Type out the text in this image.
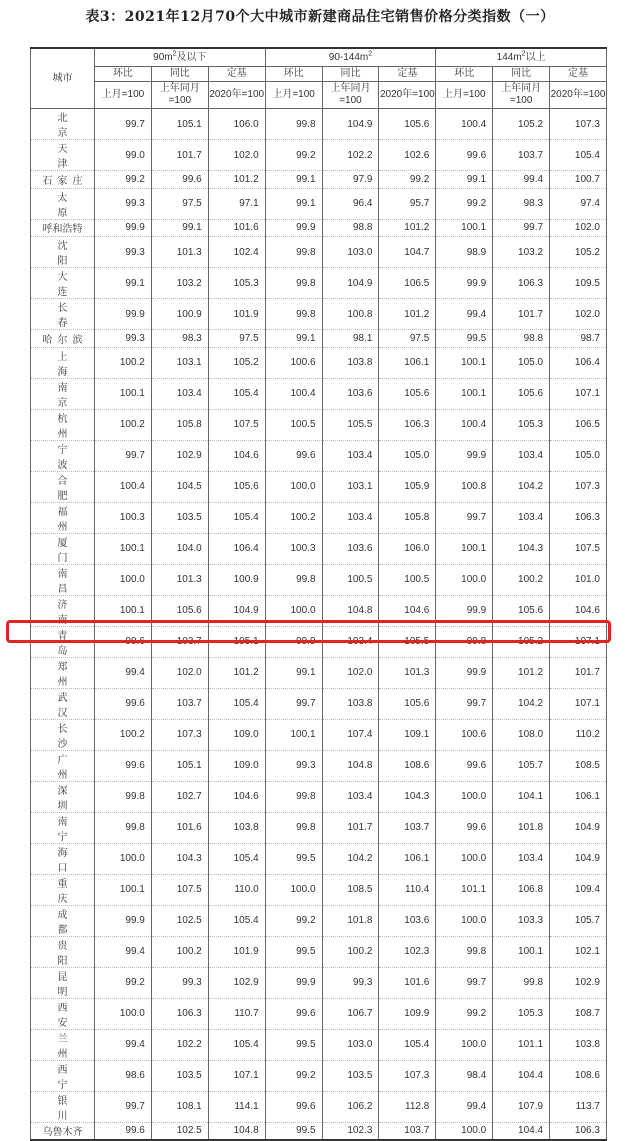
表3：2021年12月70个大中城市新建商品住宅销售价格分类指数（一）
城市	$90m^2$及以下			$90-144m^2$			$144m^2$以上		
	环比	同比	定基	环比	同比	定基	环比	同比	定基
	上月=100	上年同月=100	2020年=100	上月=100	上年同月=100	2020年=100	上月=100	上年同月=100	2020年=100
北京	99.7	105.1	106.0	99.8	104.9	105.6	100.4	105.2	107.3
天津	99.0	101.7	102.0	99.2	102.2	102.6	99.6	103.7	105.4
石家庄	99.2	99.6	101.2	99.1	97.9	99.2	99.1	99.4	100.7
太原	99.3	97.5	97.1	99.1	96.4	95.7	99.2	98.3	97.4
呼和浩特	99.9	99.1	101.6	99.9	98.8	101.2	100.1	99.7	102.0
沈阳	99.3	101.3	102.4	99.8	103.0	104.7	98.9	103.2	105.2
大连	99.1	103.2	105.3	99.8	104.9	106.5	99.9	106.3	109.5
长春	99.9	100.9	101.9	99.8	100.8	101.2	99.4	101.7	102.0
哈尔滨	99.3	98.3	97.5	99.1	98.1	97.5	99.5	98.8	98.7
上海	100.2	103.1	105.2	100.6	103.8	106.1	100.1	105.0	106.4
南京	100.1	103.4	105.4	100.4	103.6	105.6	100.1	105.6	107.1
杭州	100.2	105.8	107.5	100.5	105.5	106.3	100.4	105.3	106.5
宁波	99.7	102.9	104.6	99.6	103.4	105.0	99.9	103.4	105.0
合肥	100.4	104.5	105.6	100.0	103.1	105.9	100.8	104.2	107.3
福州	100.3	103.5	105.4	100.2	103.4	105.8	99.7	103.4	106.3
厦门	100.1	104.0	106.4	100.3	103.6	106.0	100.1	104.3	107.5
南昌	100.0	101.3	100.9	99.8	100.5	100.5	100.0	100.2	101.0
济南	100.1	105.6	104.9	100.0	104.8	104.6	99.9	105.6	104.6
青岛	99.6	103.7	105.1	99.9	103.4	105.5	99.8	105.2	107.1
郑州	99.4	102.0	101.2	99.1	102.0	101.3	99.9	101.2	101.7
武汉	99.6	103.7	105.4	99.7	103.8	105.6	99.7	104.2	107.1
长沙	100.2	107.3	109.0	100.1	107.4	109.1	100.6	108.0	110.2
广州	99.6	105.1	109.0	99.3	104.8	108.6	99.6	105.7	108.5
深圳	99.8	102.7	104.6	99.8	103.4	104.3	100.0	104.1	106.1
南宁	99.8	101.6	103.8	99.8	101.7	103.7	99.6	101.8	104.9
海口	100.0	104.3	105.4	99.5	104.2	106.1	100.0	103.4	104.9
重庆	100.1	107.5	110.0	100.0	108.5	110.4	101.1	106.8	109.4
成都	99.9	102.5	105.4	99.2	101.8	103.6	100.0	103.3	105.7
贵阳	99.4	100.2	101.9	99.5	100.2	102.3	99.8	100.1	102.1
昆明	99.2	99.3	102.9	99.9	99.3	101.6	99.7	99.8	102.9
西安	100.0	106.3	110.7	99.6	106.7	109.9	99.2	105.3	108.7
兰州	99.4	102.2	105.4	99.5	103.0	105.4	100.0	101.1	103.8
西宁	98.6	103.5	107.1	99.2	103.5	107.3	98.4	104.4	108.6
银川	99.7	108.1	114.1	99.6	106.2	112.8	99.4	107.9	113.7
乌鲁木齐	99.6	102.5	104.8	99.5	102.3	103.7	100.0	104.4	106.3
